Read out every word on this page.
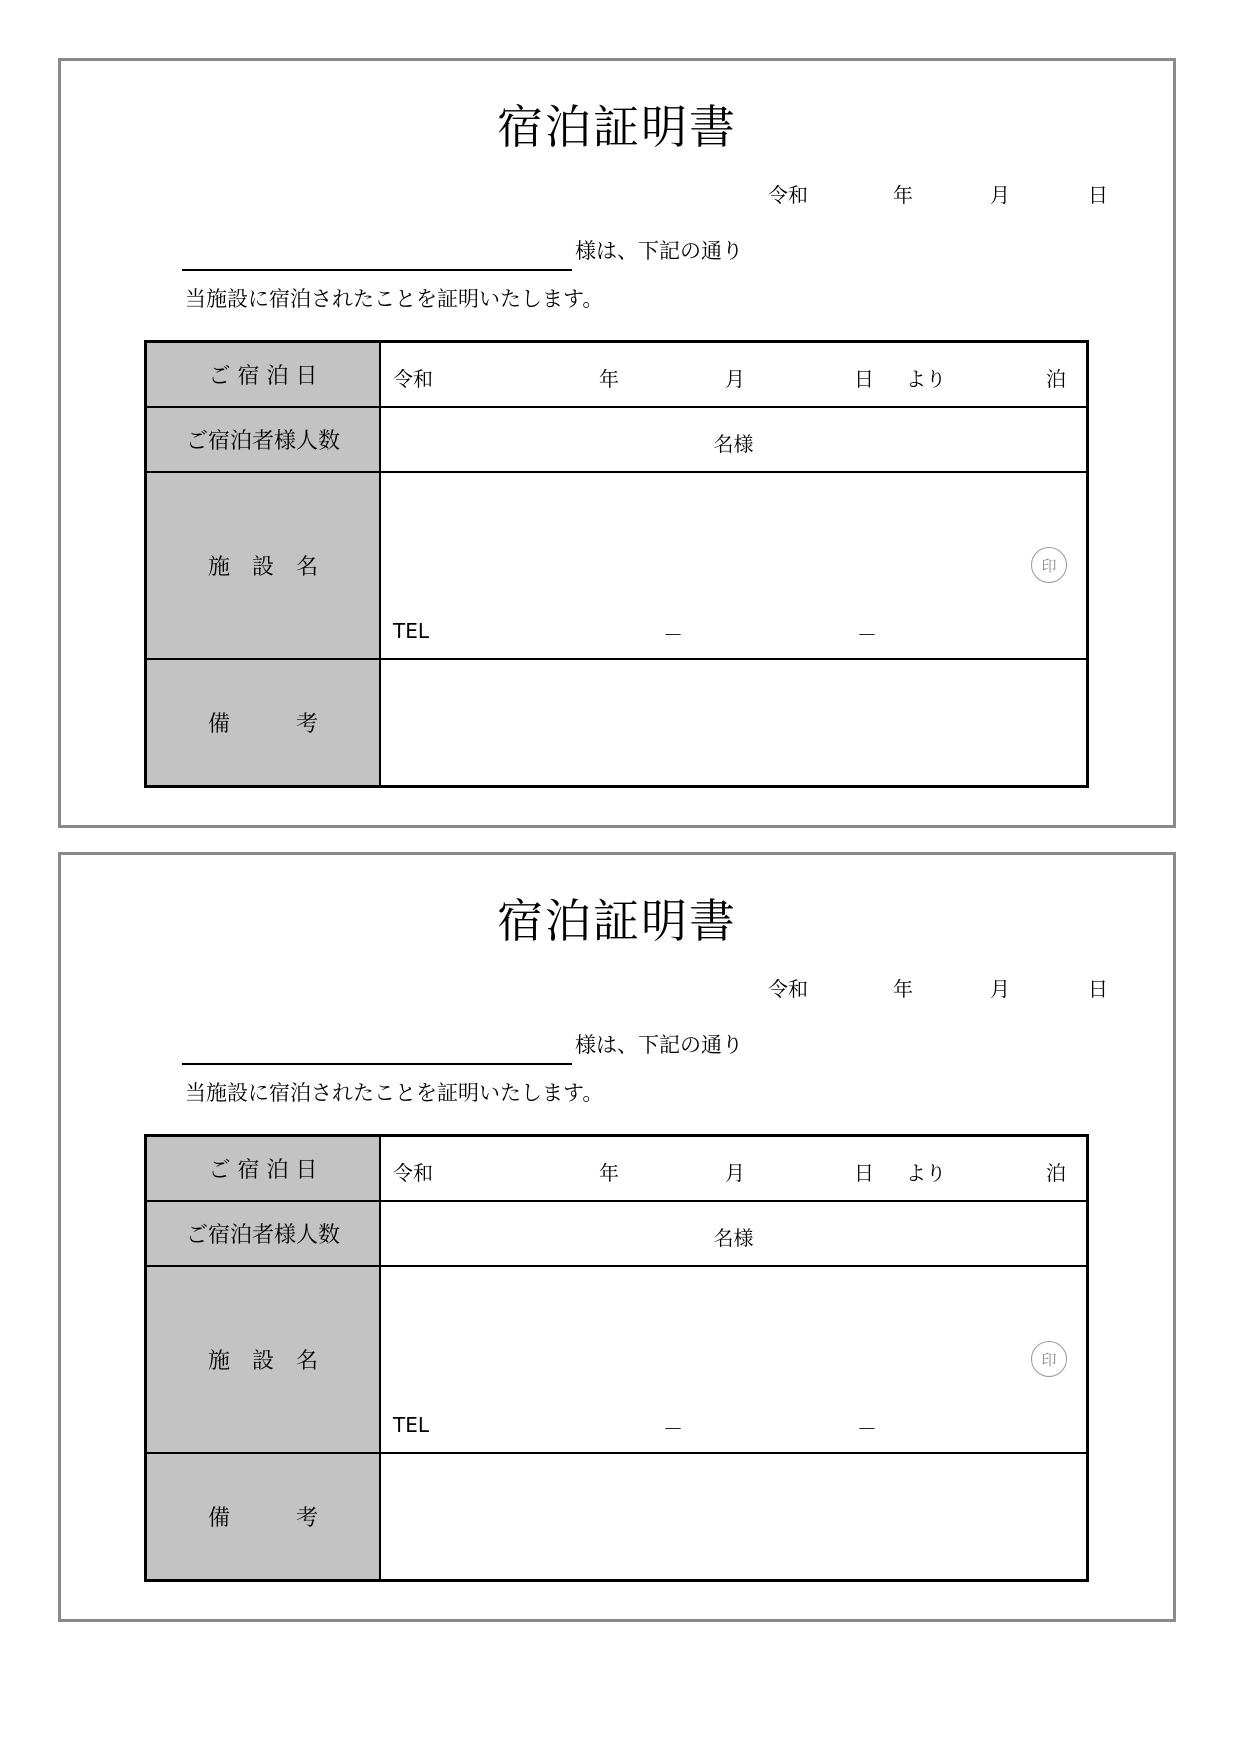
宿泊証明書
令和	年	月	日
様は、下記の通り
当施設に宿泊されたことを証明いたします。
ご 宿 泊 日	令和	年	月	日 より	泊
ご宿泊者様人数	名様
施　設　名	印
TEL	－	－
備　　　考
宿泊証明書
令和	年	月	日
様は、下記の通り
当施設に宿泊されたことを証明いたします。
ご 宿 泊 日	令和	年	月	日 より	泊
ご宿泊者様人数	名様
施　設　名	印
TEL	－	－
備　　　考
